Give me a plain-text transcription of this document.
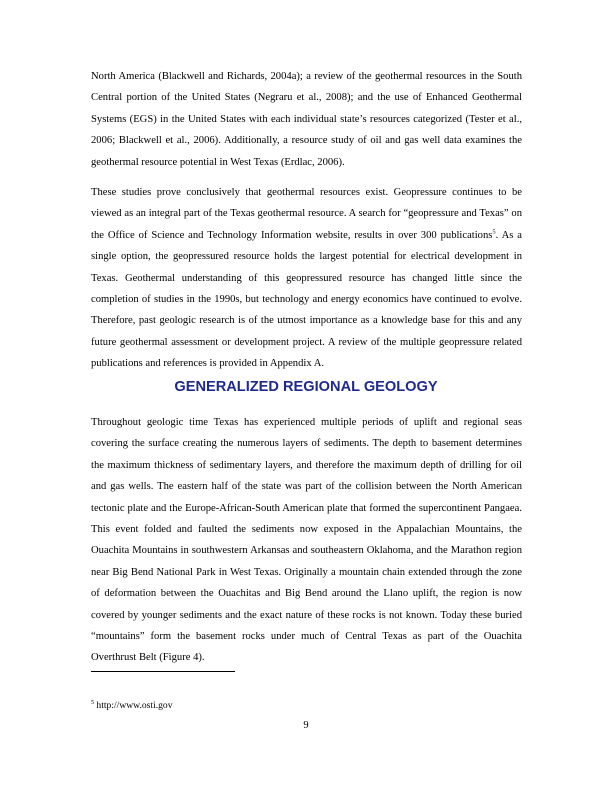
North America (Blackwell and Richards, 2004a); a review of the geothermal resources in the South Central portion of the United States (Negraru et al., 2008); and the use of Enhanced Geothermal Systems (EGS) in the United States with each individual state’s resources categorized (Tester et al., 2006; Blackwell et al., 2006). Additionally, a resource study of oil and gas well data examines the geothermal resource potential in West Texas (Erdlac, 2006).

These studies prove conclusively that geothermal resources exist. Geopressure continues to be viewed as an integral part of the Texas geothermal resource. A search for “geopressure and Texas” on the Office of Science and Technology Information website, results in over 300 publications$^5$. As a single option, the geopressured resource holds the largest potential for electrical development in Texas. Geothermal understanding of this geopressured resource has changed little since the completion of studies in the 1990s, but technology and energy economics have continued to evolve. Therefore, past geologic research is of the utmost importance as a knowledge base for this and any future geothermal assessment or development project. A review of the multiple geopressure related publications and references is provided in Appendix A.

GENERALIZED REGIONAL GEOLOGY

Throughout geologic time Texas has experienced multiple periods of uplift and regional seas covering the surface creating the numerous layers of sediments. The depth to basement determines the maximum thickness of sedimentary layers, and therefore the maximum depth of drilling for oil and gas wells. The eastern half of the state was part of the collision between the North American tectonic plate and the Europe-African-South American plate that formed the supercontinent Pangaea. This event folded and faulted the sediments now exposed in the Appalachian Mountains, the Ouachita Mountains in southwestern Arkansas and southeastern Oklahoma, and the Marathon region near Big Bend National Park in West Texas. Originally a mountain chain extended through the zone of deformation between the Ouachitas and Big Bend around the Llano uplift, the region is now covered by younger sediments and the exact nature of these rocks is not known. Today these buried “mountains” form the basement rocks under much of Central Texas as part of the Ouachita Overthrust Belt (Figure 4).

$^5$ http://www.osti.gov

9
